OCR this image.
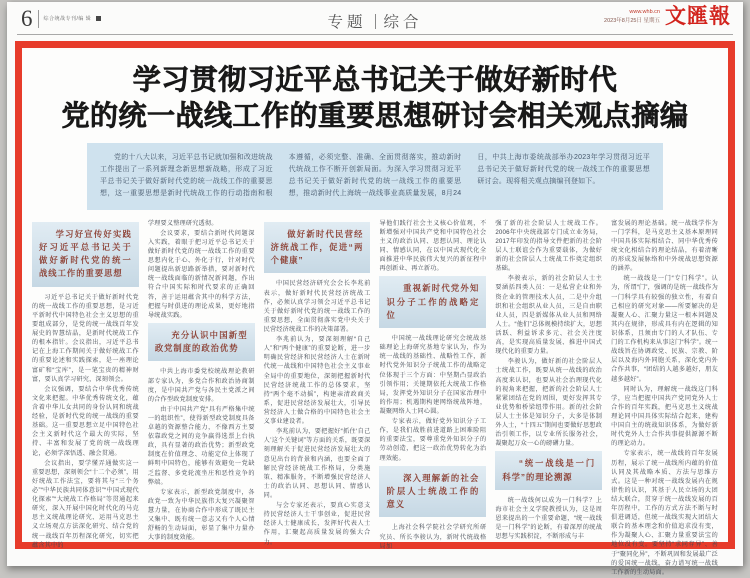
6 综合统战专刊/编 辑	专题 综合
www.whb.cn
2023年8月25日 星期五 文匯報
学习贯彻习近平总书记关于做好新时代
党的统一战线工作的重要思想研讨会相关观点摘编

党的十八大以来，习近平总书记就加强和改进统战工作提出了一系列新理念新思想新战略，形成了习近平总书记关于做好新时代党的统一战线工作的重要思想，这一重要思想是新时代统战工作的行动指南和根本遵循，必须完整、准确、全面贯彻落实，推动新时代统战工作不断开创新局面。为深入学习贯彻习近平总书记关于做好新时代党的统一战线工作的重要思想，推动新时代上海统一战线事业高质量发展，8月24日，中共上海市委统战部举办2023年学习贯彻习近平总书记关于做好新时代党的统一战线工作的重要思想研讨会。现将相关观点摘编刊登如下。

学习好宣传好实践好习近平总书记关于做好新时代党的统一战线工作的重要思想

习近平总书记关于做好新时代党的统一战线工作的重要思想，是习近平新时代中国特色社会主义思想的重要组成部分，是党的统一战线百年发展史的智慧结晶，是新时代统战工作的根本指针。会议指出，习近平总书记在上海工作期间关于做好统战工作的重要论述和实践探索，是一座理论富矿和“宝库”，是一笔宝贵的精神财富，要认真学习研究，深刻领会。

会议强调，要结合中华优秀传统文化来把握。中华优秀传统文化，蕴含着中华儿女共同的身份认同和统战经验，是新时代党的统一战线的重要基础。这一重要思想立足中国特色社会主义新时代这个最大的实际，坚持、丰富和发展了党的统一战线理论，必须学深悟透、融会贯通。

会议指出，要学懂弄通做实这一重要思想，深刻领会“十二个必须”，用好统战工作法宝，要将其与“三个务必”“中华民族共同体意识”“中国式现代化探索”“大统战工作格局”等贯通起来研究，深入开展中国化时代化的马克思主义统战理论研究、运用马克思主义立场观点方法深化研究、结合党的统一战线百年历程深化研究，切实把蕴含其中的

学理要义整理研究透彻。

会议要求，要结合新时代问题深入实践，着眼于把习近平总书记关于做好新时代党的统一战线工作的重要思想内化于心、外化于行，针对时代问题提出新思路新举措，要对新时代统一战线面临的新情况新问题，作出符合中国实际和时代要求的正确回答，善于运用蕴含其中的科学方法，把握与时俱进的理论成果，更好地指导统战实践。

充分认识中国新型政党制度的政治优势

中共上海市委党校统战理论教研部专家认为，多党合作和政治协商制度，是中国共产党与各民主党派之间的合作型政党制度安排。

由于中国共产党“具有严格集中统一的组织性”，使得新型政党制度具备卓越的资源整合能力，不像西方主要依靠政党之间的竞争赢得选票上台执政，具有显著的政治优势；新型政党制度在价值理念、功能定位上体现了鲜明中国特色，能够有效避免一党缺乏监督、多党轮流坐庄和恶性竞争的弊端。

专家表示，新型政党制度中，各政党一致为中华民族伟大复兴凝聚智慧力量，在协商合作中形成了既民主又集中、既有统一意志又有个人心情舒畅的生动局面，彰显了集中力量办大事的制度效能。

做好新时代民营经济统战工作，促进“两个健康”

中国民营经济研究会会长李兆前表示，做好新时代民营经济统战工作，必须认真学习领会习近平总书记关于做好新时代党的统一战线工作的重要思想，全面贯彻落实党中央关于民营经济统战工作的决策部署。

李兆前认为，要深刻理解“自己人”和“两个健康”的重要论断，进一步明确民营经济和民营经济人士在新时代统一战线和中国特色社会主义事业全局中的重要地位，深刻把握新时代民营经济统战工作的总体要求，坚持“两个毫不动摇”，构建亲清政商关系，促进民营经济发展壮大，引导民营经济人士做合格的中国特色社会主义事业建设者。

李兆前认为，要把握好“抓住‘自己人’这个关键词”等方面的关系，既要深刻理解关于促进民营经济发展壮大的意见出台的背景和内涵，也要全面了解民营经济统战工作格局，分类施策、精准服务，不断增强民营经济人士的政治认同、思想认同、情感认同。

与会专家还表示，要真心实意支持民营经济人士干事创业，促进民营经济人士健康成长，发挥好代表人士作用，汇聚起高质量发展的强大合力。

导他们践行社会主义核心价值观，不断增强对中国共产党和中国特色社会主义的政治认同、思想认同、理论认同、情感认同，在以中国式现代化全面推进中华民族伟大复兴的新征程中再创新业、再立新功。

重视新时代党外知识分子工作的战略定位

中国统一战线理论研究会统战基础理论上海研究基地专家认为，作为统一战线的基础性、战略性工作，新时代党外知识分子统战工作的战略定位体现于三个方面：中坚期凸显政治引领作用；关键期依托大统战工作格局，发挥党外知识分子在国家治理中的作用；机遇期构建网络统战阵地，凝聚网络人士同心圆。

专家表示，做好党外知识分子工作，是我们战胜前进道路上困难险阻的重要法宝，要尊重党外知识分子的劳动创造，把这一政治优势转化为治理效能。

深入理解新的社会阶层人士统战工作的意义

上海社会科学院社会学研究所研究员、所长李骏认为，新时代统战格局加

强了新的社会阶层人士统战工作。2006年中央统战部专门成立业务局，2017年印发的指导文件把新的社会阶层人士联谊会作为重要载体，为做好新的社会阶层人士统战工作奠定组织基础。

李骏表示，新的社会阶层人士主要涵括四类人员：一是私营企业和外资企业的管理技术人员，二是中介组织和社会组织从业人员，三是自由职业人员，四是新媒体从业人员和网络人士。“他们”总体规模持续扩大，思想活跃、利益诉求多元、社会关注度高，是实现高质量发展、推进中国式现代化的重要力量。

李骏认为，做好新的社会阶层人士统战工作，既要从统一战线的政治高度来认识，也要从社会治理现代化的视角来把握，把新的社会阶层人士紧紧团结在党的周围，更好发挥其专业优势和桥梁纽带作用。新的社会阶层人士主体是知识分子，大多是体制外人士，“十四五”期间也要做好思想政治引领工作，以专业所长服务社会，凝聚起万众一心的磅礴力量。

“统一战线是一门科学”的理论溯源

统一战线何以成为一门科学？上海市社会主义学院教授认为，这是周恩来提出的一个重要命题，“统一战线是一门科学”的论断，有着深厚的统战思想与实践积淀，不断形成与丰

富发展的理论基础。统一战线学作为一门学科，是马克思主义基本原理同中国具体实际相结合、同中华优秀传统文化相结合的理论结晶，有着清晰的形成发展脉络和中外统战思想资源的涵养。

统一战线是一门“专门科学”。认为，所谓“门”，强调的是统一战线作为一门科学具有较强的独立性，有着自己相应的研究对象——所要解决的是凝聚人心、汇聚力量这一根本问题及其内在规律，形成具有内在逻辑的知识体系，且须由专门的人才队伍、专门的工作机构来从事这门“科学”。统一战线旨在协调政党、民族、宗教、阶层以及海内外同胞关系，深化党内外合作共事，“团结的人越多越好，朋友越多越好”。

同时认为，理解统一战线这门科学，应当把握中国共产党同党外人士合作的百年实践，把马克思主义统战理论同中国具体实际结合起来，建构中国自主的统战知识体系，为做好新时代党外人士合作共事提供源源不断的理论动力。

专家表示，统一战线的百年发展历程，展示了统一战线所内蕴的价值认同及其战略本质、方法与思维方式。这是一种对统一战线发展内在规律性的认识，其基于人民立场的大团结大联合，贯穿于统一战线发展的百年历程中，工作的方式方法不断与时俱进调适，但统一战线实现大团结大联合的基本理念和价值追求没有变，作为凝聚人心、汇聚力量重要法宝的地位没有变。要坚持“求同存异”、善于“聚同化异”，不断巩固和发展最广泛的爱国统一战线，奋力谱写统一战线工作新的生动局面。
